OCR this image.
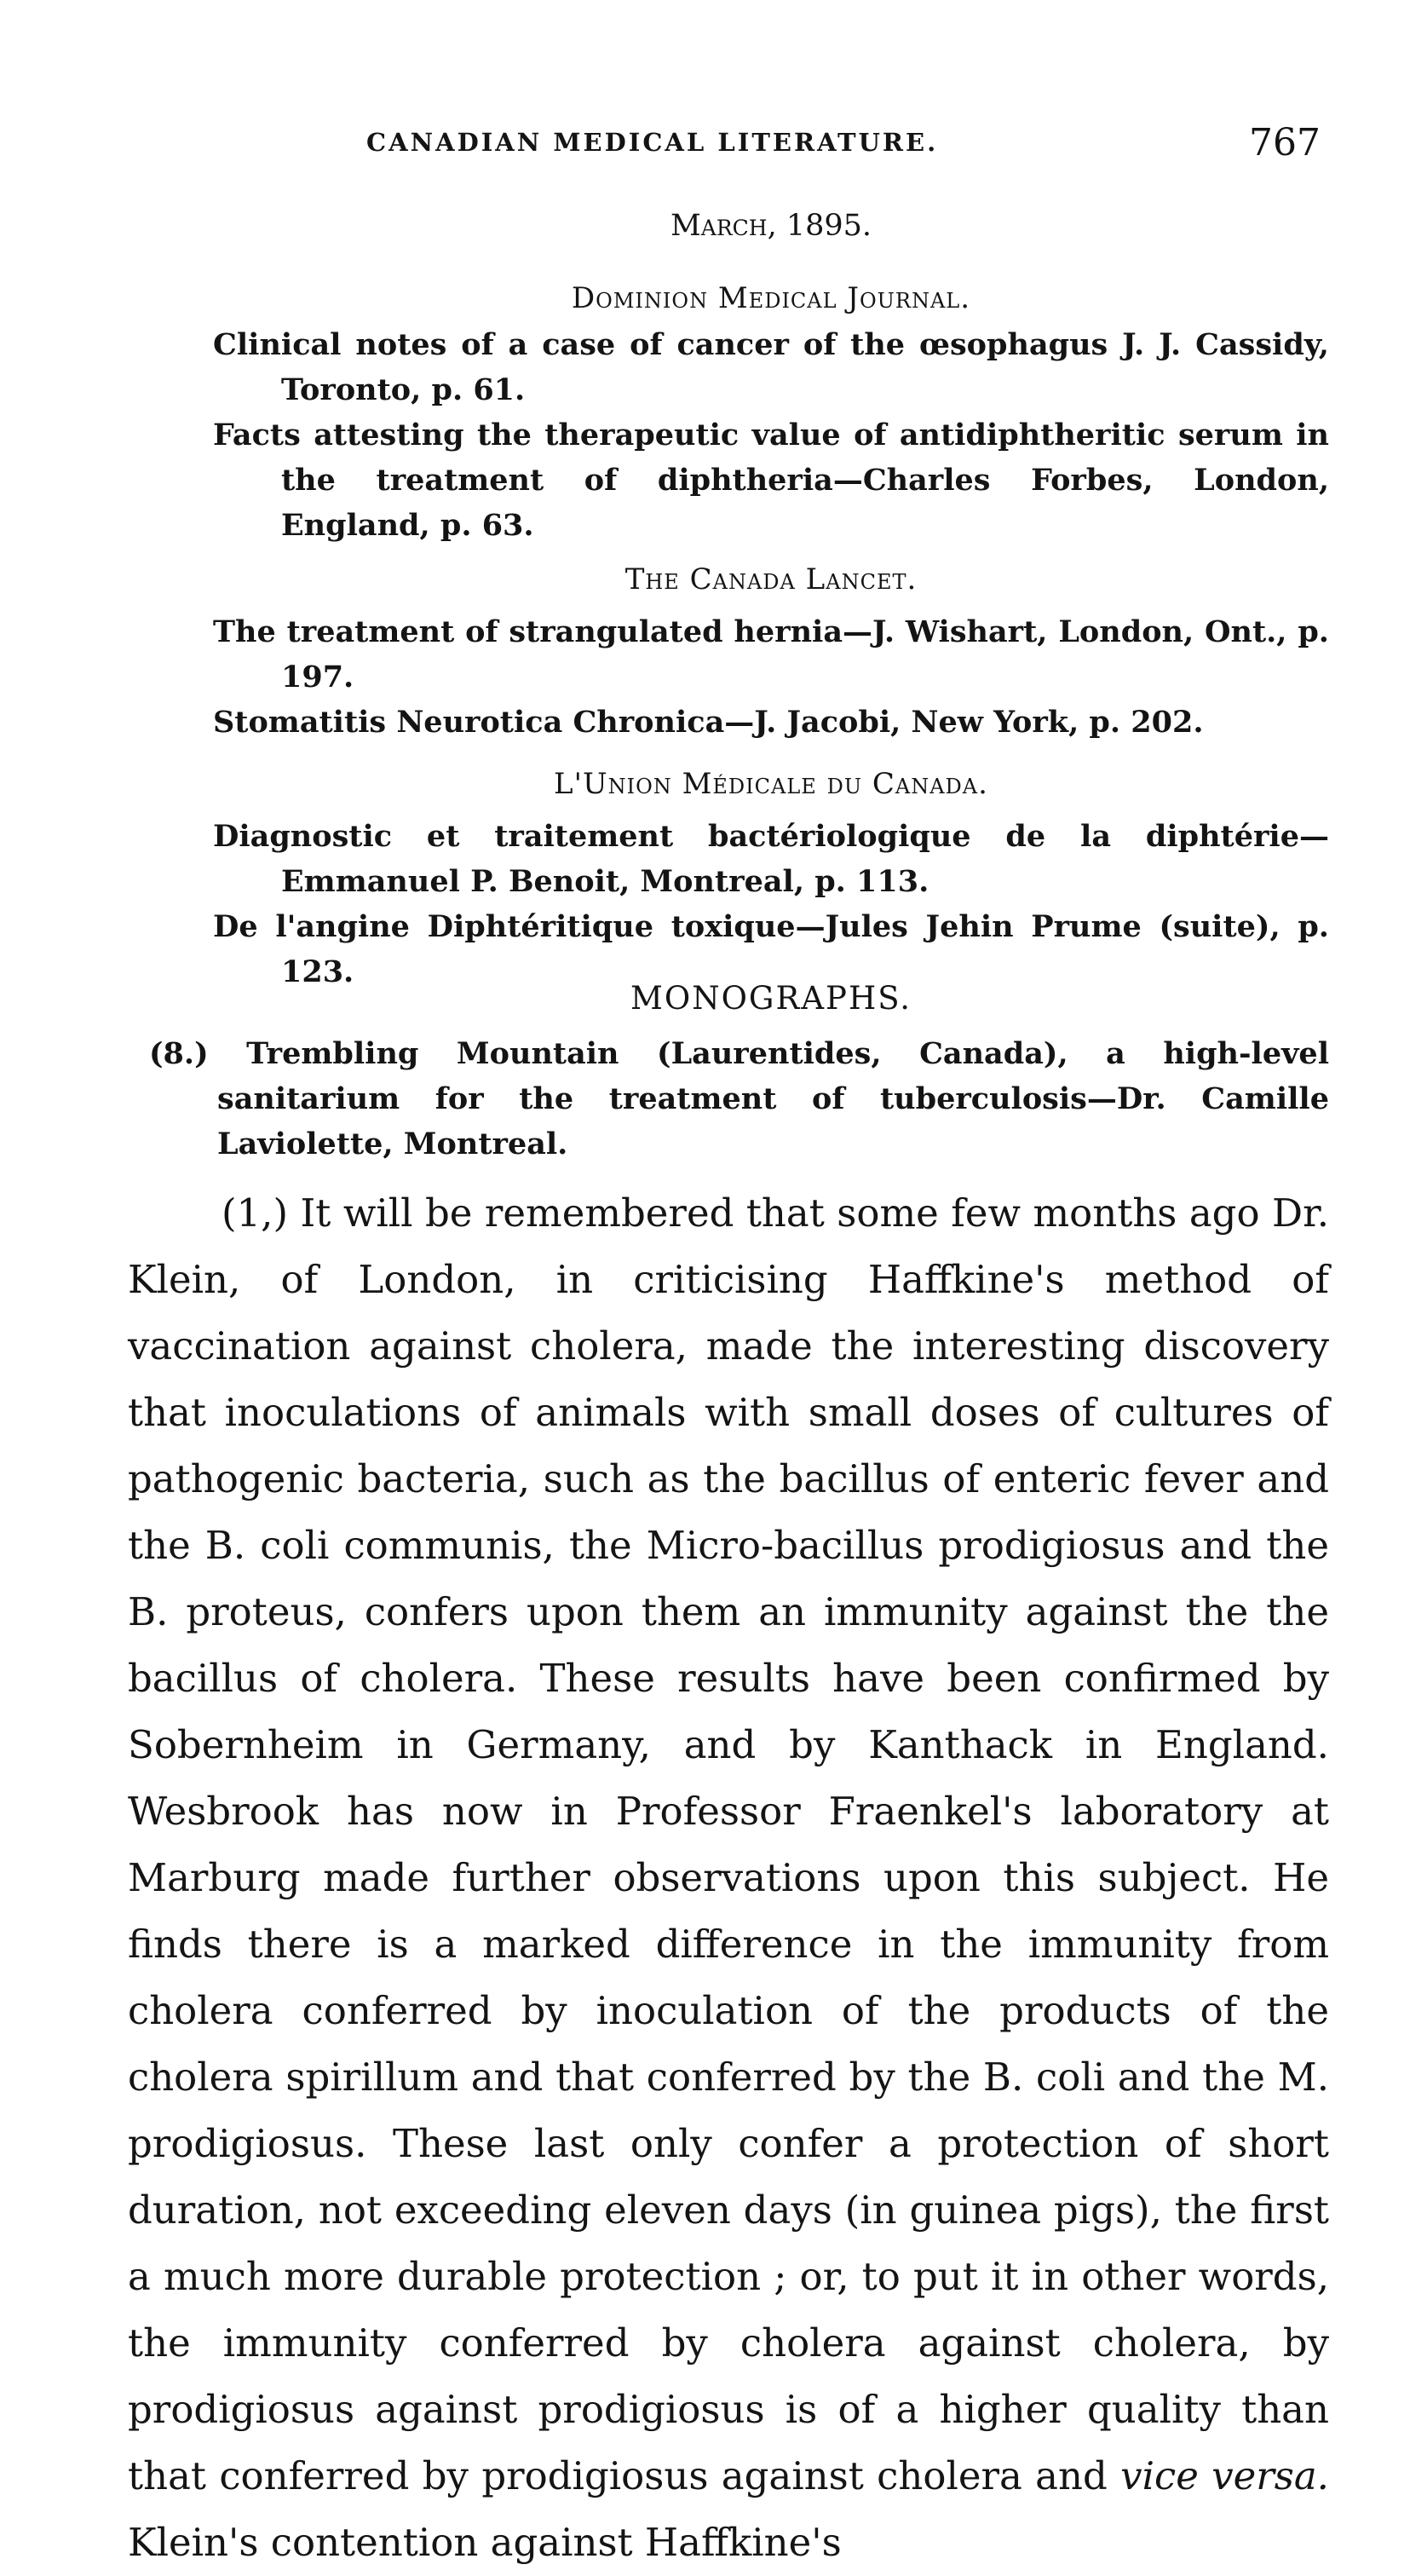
CANADIAN MEDICAL LITERATURE.	767
March, 1895.
Dominion Medical Journal.
Clinical notes of a case of cancer of the œsophagus J. J. Cassidy, Toronto, p. 61.
Facts attesting the therapeutic value of antidiphtheritic serum in the treatment of diphtheria—Charles Forbes, London, England, p. 63.
The Canada Lancet.
The treatment of strangulated hernia—J. Wishart, London, Ont., p. 197.
Stomatitis Neurotica Chronica—J. Jacobi, New York, p. 202.
L'Union Médicale du Canada.
Diagnostic et traitement bactériologique de la diphtérie—Emmanuel P. Benoit, Montreal, p. 113.
De l'angine Diphtéritique toxique—Jules Jehin Prume (suite), p. 123.
MONOGRAPHS.
(8.) Trembling Mountain (Laurentides, Canada), a high-level sanitarium for the treatment of tuberculosis—Dr. Camille Laviolette, Montreal.
(1,) It will be remembered that some few months ago Dr. Klein, of London, in criticising Haffkine's method of vaccination against cholera, made the interesting discovery that inoculations of animals with small doses of cultures of pathogenic bacteria, such as the bacillus of enteric fever and the B. coli communis, the Micro-bacillus prodigiosus and the B. proteus, confers upon them an immunity against the the bacillus of cholera. These results have been confirmed by Sobernheim in Germany, and by Kanthack in England. Wesbrook has now in Professor Fraenkel's laboratory at Marburg made further observations upon this subject. He finds there is a marked difference in the immunity from cholera conferred by inoculation of the products of the cholera spirillum and that conferred by the B. coli and the M. prodigiosus. These last only confer a protection of short duration, not exceeding eleven days (in guinea pigs), the first a much more durable protection ; or, to put it in other words, the immunity conferred by cholera against cholera, by prodigiosus against prodigiosus is of a higher quality than that conferred by prodigiosus against cholera and vice versa. Klein's contention against Haffkine's
